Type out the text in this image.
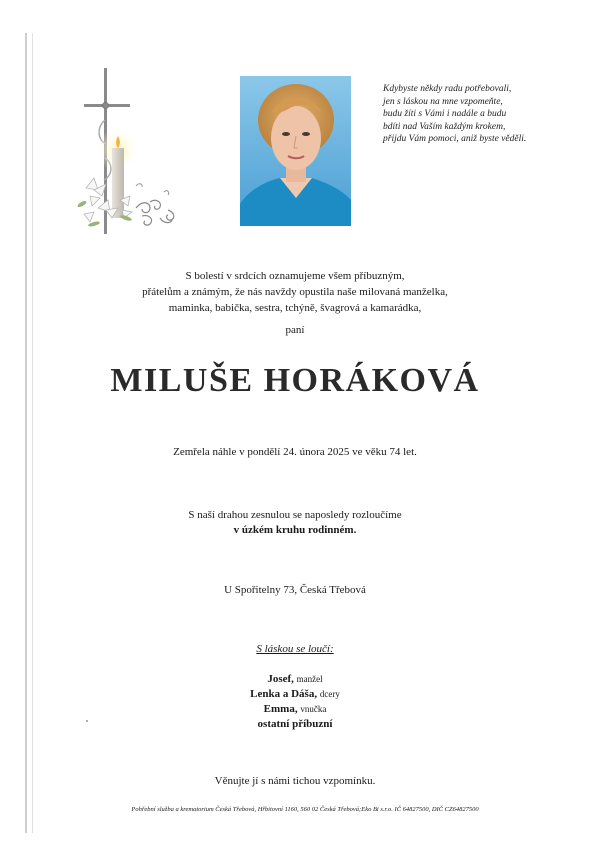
Kdybyste někdy radu potřebovali,
jen s láskou na mne vzpomeňte,
budu žíti s Vámi i nadále a budu
bdíti nad Vaším každým krokem,
přijdu Vám pomoci, aniž byste věděli.
S bolestí v srdcích oznamujeme všem příbuzným,
přátelům a známým, že nás navždy opustila naše milovaná manželka,
maminka, babička, sestra, tchýně, švagrová a kamarádka,
paní
MILUŠE HORÁKOVÁ
Zemřela náhle v pondělí 24. února 2025 ve věku 74 let.
S naší drahou zesnulou se naposledy rozloučíme
v úzkém kruhu rodinném.
U Spořitelny 73, Česká Třebová
S láskou se loučí:
Josef, manžel
Lenka a Dáša, dcery
Emma, vnučka
ostatní příbuzní
Věnujte jí s námi tichou vzpomínku.
Pohřební služba a krematorium Česká Třebová, Hřbitovní 1160, 560 02 Česká Třebová;Eko Bi s.r.o. IČ 64827500, DIČ CZ64827500
